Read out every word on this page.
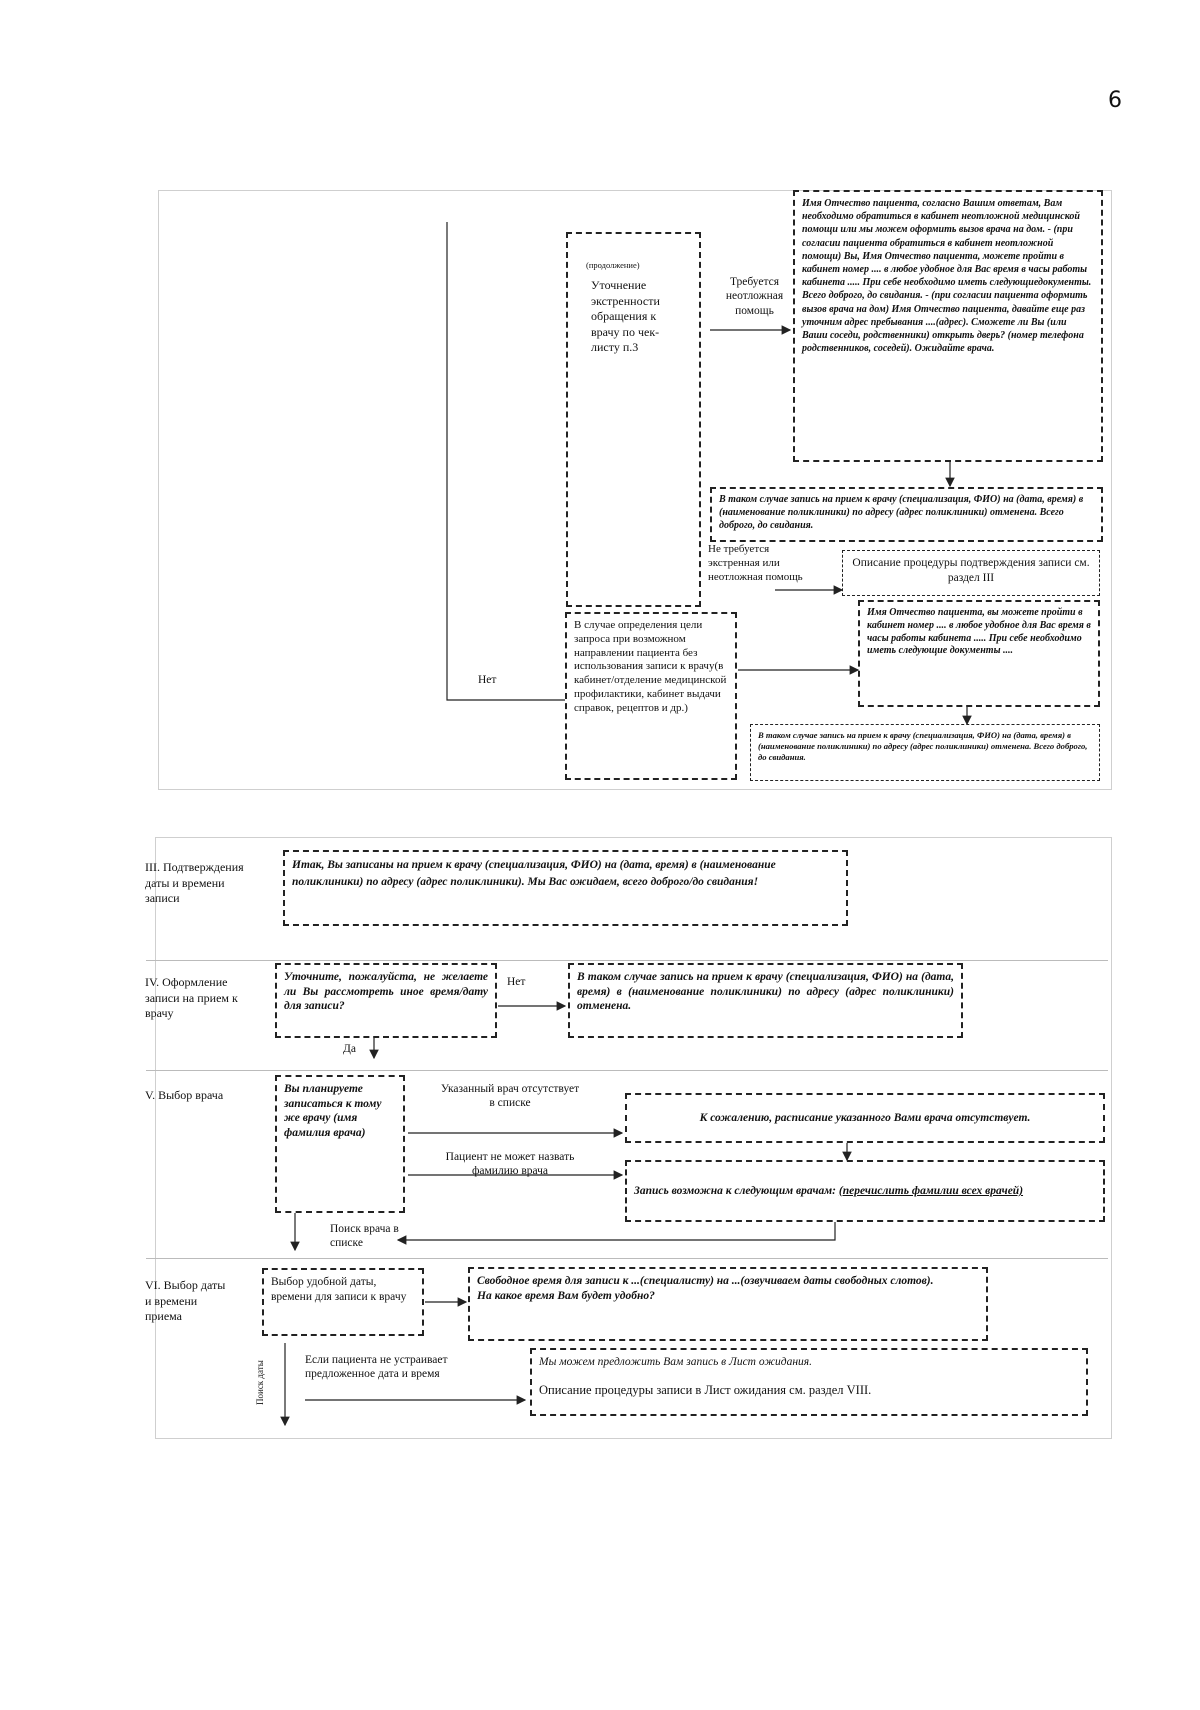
6
(продолжение)
Уточнение экстренности обращения к врачу по чек-листу п.3
Требуется неотложная помощь
Имя Отчество пациента, согласно Вашим ответам, Вам необходимо обратиться в кабинет неотложной медицинской помощи или мы можем оформить вызов врача на дом. - (при согласии пациента обратиться в кабинет неотложной помощи) Вы, Имя Отчество пациента, можете пройти в кабинет номер .... в любое удобное для Вас время в часы работы кабинета ..... При себе необходимо иметь следующиедокументы. Всего доброго, до свидания. - (при согласии пациента оформить вызов врача на дом) Имя Отчество пациента, давайте еще раз уточним адрес пребывания ....(адрес). Сможете ли Вы (или Ваши соседи, родственники) открыть дверь? (номер телефона родственников, соседей). Ожидайте врача.
В таком случае запись на прием к врачу (специализация, ФИО) на (дата, время) в (наименование поликлиники) по адресу (адрес поликлиники) отменена. Всего доброго, до свидания.
Не требуется экстренная или неотложная помощь
Описание процедуры подтверждения записи см. раздел III
Нет
В случае определения цели запроса при возможном направлении пациента без использования записи к врачу(в кабинет/отделение медицинской профилактики, кабинет выдачи справок, рецептов и др.)
Имя Отчество пациента, вы можете пройти в кабинет номер .... в любое удобное для Вас время в часы работы кабинета ..... При себе необходимо иметь следующие документы ....
В таком случае запись на прием к врачу (специализация, ФИО) на (дата, время) в (наименование поликлиники) по адресу (адрес поликлиники) отменена. Всего доброго, до свидания.
III. Подтверждения даты и времени записи
Итак, Вы записаны на прием к врачу (специализация, ФИО) на (дата, время) в (наименование поликлиники) по адресу (адрес поликлиники). Мы Вас ожидаем, всего доброго/до свидания!
IV. Оформление записи на прием к врачу
Уточните, пожалуйста, не желаете ли Вы рассмотреть иное время/дату для записи?
Нет
Да
В таком случае запись на прием к врачу (специализация, ФИО) на (дата, время) в (наименование поликлиники) по адресу (адрес поликлиники) отменена.
V. Выбор врача	Вы планируете записаться к тому же врачу (имя фамилия врача)
Указанный врач отсутствует в списке
К сожалению, расписание указанного Вами врача отсутствует.
Пациент не может назвать фамилию врача
Запись возможна к следующим врачам: (перечислить фамилии всех врачей)
Поиск врача в списке
VI. Выбор даты и времени приема
Выбор удобной даты, времени для записи к врачу
Свободное время для записи к ...(специалисту) на ...(озвучиваем даты свободных слотов).
На какое время Вам будет удобно?
Поиск даты
Если пациента не устраивает предложенное дата и время
Мы можем предложить Вам запись в Лист ожидания.
Описание процедуры записи в Лист ожидания см. раздел VIII.
